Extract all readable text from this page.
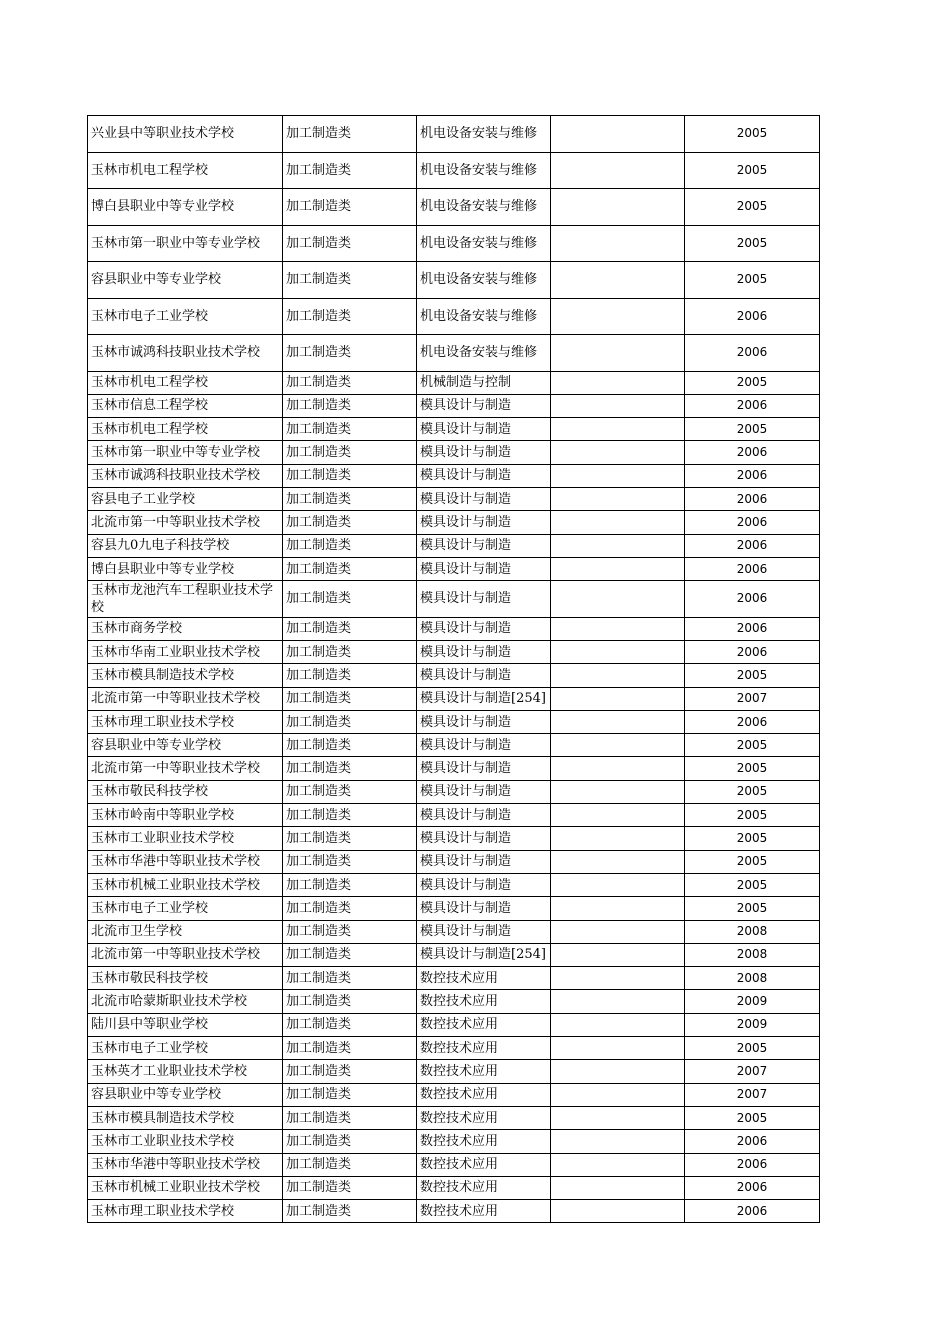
兴业县中等职业技术学校	加工制造类	机电设备安装与维修		2005
玉林市机电工程学校	加工制造类	机电设备安装与维修		2005
博白县职业中等专业学校	加工制造类	机电设备安装与维修		2005
玉林市第一职业中等专业学校	加工制造类	机电设备安装与维修		2005
容县职业中等专业学校	加工制造类	机电设备安装与维修		2005
玉林市电子工业学校	加工制造类	机电设备安装与维修		2006
玉林市诚鸿科技职业技术学校	加工制造类	机电设备安装与维修		2006
玉林市机电工程学校	加工制造类	机械制造与控制		2005
玉林市信息工程学校	加工制造类	模具设计与制造		2006
玉林市机电工程学校	加工制造类	模具设计与制造		2005
玉林市第一职业中等专业学校	加工制造类	模具设计与制造		2006
玉林市诚鸿科技职业技术学校	加工制造类	模具设计与制造		2006
容县电子工业学校	加工制造类	模具设计与制造		2006
北流市第一中等职业技术学校	加工制造类	模具设计与制造		2006
容县九0九电子科技学校	加工制造类	模具设计与制造		2006
博白县职业中等专业学校	加工制造类	模具设计与制造		2006
玉林市龙池汽车工程职业技术学校	加工制造类	模具设计与制造		2006
玉林市商务学校	加工制造类	模具设计与制造		2006
玉林市华南工业职业技术学校	加工制造类	模具设计与制造		2006
玉林市模具制造技术学校	加工制造类	模具设计与制造		2005
北流市第一中等职业技术学校	加工制造类	模具设计与制造[254]		2007
玉林市理工职业技术学校	加工制造类	模具设计与制造		2006
容县职业中等专业学校	加工制造类	模具设计与制造		2005
北流市第一中等职业技术学校	加工制造类	模具设计与制造		2005
玉林市敬民科技学校	加工制造类	模具设计与制造		2005
玉林市岭南中等职业学校	加工制造类	模具设计与制造		2005
玉林市工业职业技术学校	加工制造类	模具设计与制造		2005
玉林市华港中等职业技术学校	加工制造类	模具设计与制造		2005
玉林市机械工业职业技术学校	加工制造类	模具设计与制造		2005
玉林市电子工业学校	加工制造类	模具设计与制造		2005
北流市卫生学校	加工制造类	模具设计与制造		2008
北流市第一中等职业技术学校	加工制造类	模具设计与制造[254]		2008
玉林市敬民科技学校	加工制造类	数控技术应用		2008
北流市哈蒙斯职业技术学校	加工制造类	数控技术应用		2009
陆川县中等职业学校	加工制造类	数控技术应用		2009
玉林市电子工业学校	加工制造类	数控技术应用		2005
玉林英才工业职业技术学校	加工制造类	数控技术应用		2007
容县职业中等专业学校	加工制造类	数控技术应用		2007
玉林市模具制造技术学校	加工制造类	数控技术应用		2005
玉林市工业职业技术学校	加工制造类	数控技术应用		2006
玉林市华港中等职业技术学校	加工制造类	数控技术应用		2006
玉林市机械工业职业技术学校	加工制造类	数控技术应用		2006
玉林市理工职业技术学校	加工制造类	数控技术应用		2006
